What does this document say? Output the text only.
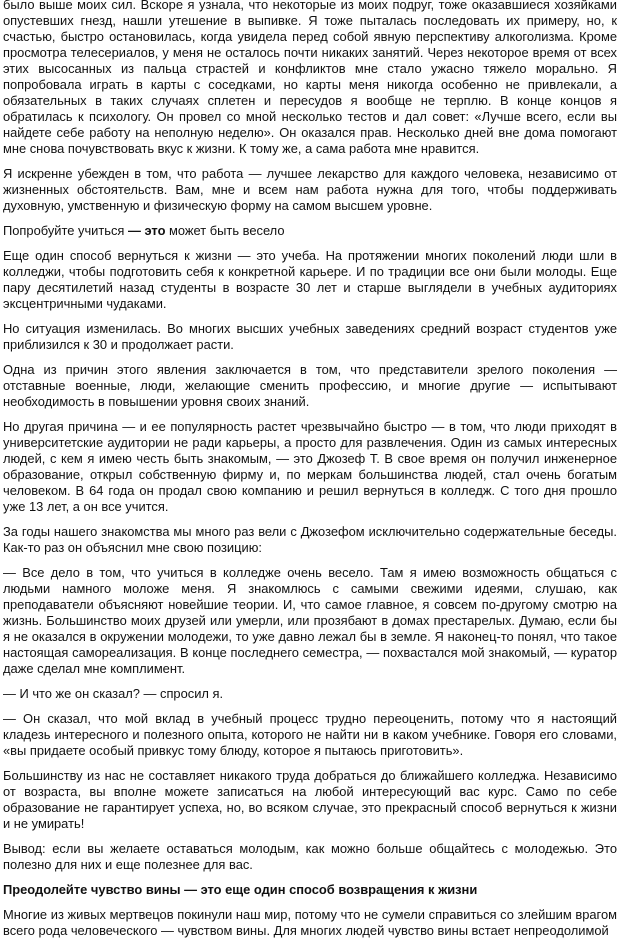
было выше моих сил. Вскоре я узнала, что некоторые из моих подруг, тоже оказавшиеся хозяйками опустевших гнезд, нашли утешение в выпивке. Я тоже пыталась последовать их примеру, но, к счастью, быстро остановилась, когда увидела перед собой явную перспективу алкоголизма. Кроме просмотра телесериалов, у меня не осталось почти никаких занятий. Через некоторое время от всех этих высосанных из пальца страстей и конфликтов мне стало ужасно тяжело морально. Я попробовала играть в карты с соседками, но карты меня никогда особенно не привлекали, а обязательных в таких случаях сплетен и пересудов я вообще не терплю. В конце концов я обратилась к психологу. Он провел со мной несколько тестов и дал совет: «Лучше всего, если вы найдете себе работу на неполную неделю». Он оказался прав. Несколько дней вне дома помогают мне снова почувствовать вкус к жизни. К тому же, а сама работа мне нравится.

Я искренне убежден в том, что работа — лучшее лекарство для каждого человека, независимо от жизненных обстоятельств. Вам, мне и всем нам работа нужна для того, чтобы поддерживать духовную, умственную и физическую форму на самом высшем уровне.

Попробуйте учиться — это может быть весело

Еще один способ вернуться к жизни — это учеба. На протяжении многих поколений люди шли в колледжи, чтобы подготовить себя к конкретной карьере. И по традиции все они были молоды. Еще пару десятилетий назад студенты в возрасте 30 лет и старше выглядели в учебных аудиториях эксцентричными чудаками.

Но ситуация изменилась. Во многих высших учебных заведениях средний возраст студентов уже приблизился к 30 и продолжает расти.

Одна из причин этого явления заключается в том, что представители зрелого поколения — отставные военные, люди, желающие сменить профессию, и многие другие — испытывают необходимость в повышении уровня своих знаний.

Но другая причина — и ее популярность растет чрезвычайно быстро — в том, что люди приходят в университетские аудитории не ради карьеры, а просто для развлечения. Один из самых интересных людей, с кем я имею честь быть знакомым, — это Джозеф Т. В свое время он получил инженерное образование, открыл собственную фирму и, по меркам большинства людей, стал очень богатым человеком. В 64 года он продал свою компанию и решил вернуться в колледж. С того дня прошло уже 13 лет, а он все учится.

За годы нашего знакомства мы много раз вели с Джозефом исключительно содержательные беседы. Как-то раз он объяснил мне свою позицию:

— Все дело в том, что учиться в колледже очень весело. Там я имею возможность общаться с людьми намного моложе меня. Я знакомлюсь с самыми свежими идеями, слушаю, как преподаватели объясняют новейшие теории. И, что самое главное, я совсем по-другому смотрю на жизнь. Большинство моих друзей или умерли, или прозябают в домах престарелых. Думаю, если бы я не оказался в окружении молодежи, то уже давно лежал бы в земле. Я наконец-то понял, что такое настоящая самореализация. В конце последнего семестра, — похвастался мой знакомый, — куратор даже сделал мне комплимент.

— И что же он сказал? — спросил я.

— Он сказал, что мой вклад в учебный процесс трудно переоценить, потому что я настоящий кладезь интересного и полезного опыта, которого не найти ни в каком учебнике. Говоря его словами, «вы придаете особый привкус тому блюду, которое я пытаюсь приготовить».

Большинству из нас не составляет никакого труда добраться до ближайшего колледжа. Независимо от возраста, вы вполне можете записаться на любой интересующий вас курс. Само по себе образование не гарантирует успеха, но, во всяком случае, это прекрасный способ вернуться к жизни и не умирать!

Вывод: если вы желаете оставаться молодым, как можно больше общайтесь с молодежью. Это полезно для них и еще полезнее для вас.

Преодолейте чувство вины — это еще один способ возвращения к жизни

Многие из живых мертвецов покинули наш мир, потому что не сумели справиться со злейшим врагом всего рода человеческого — чувством вины. Для многих людей чувство вины встает непреодолимой
